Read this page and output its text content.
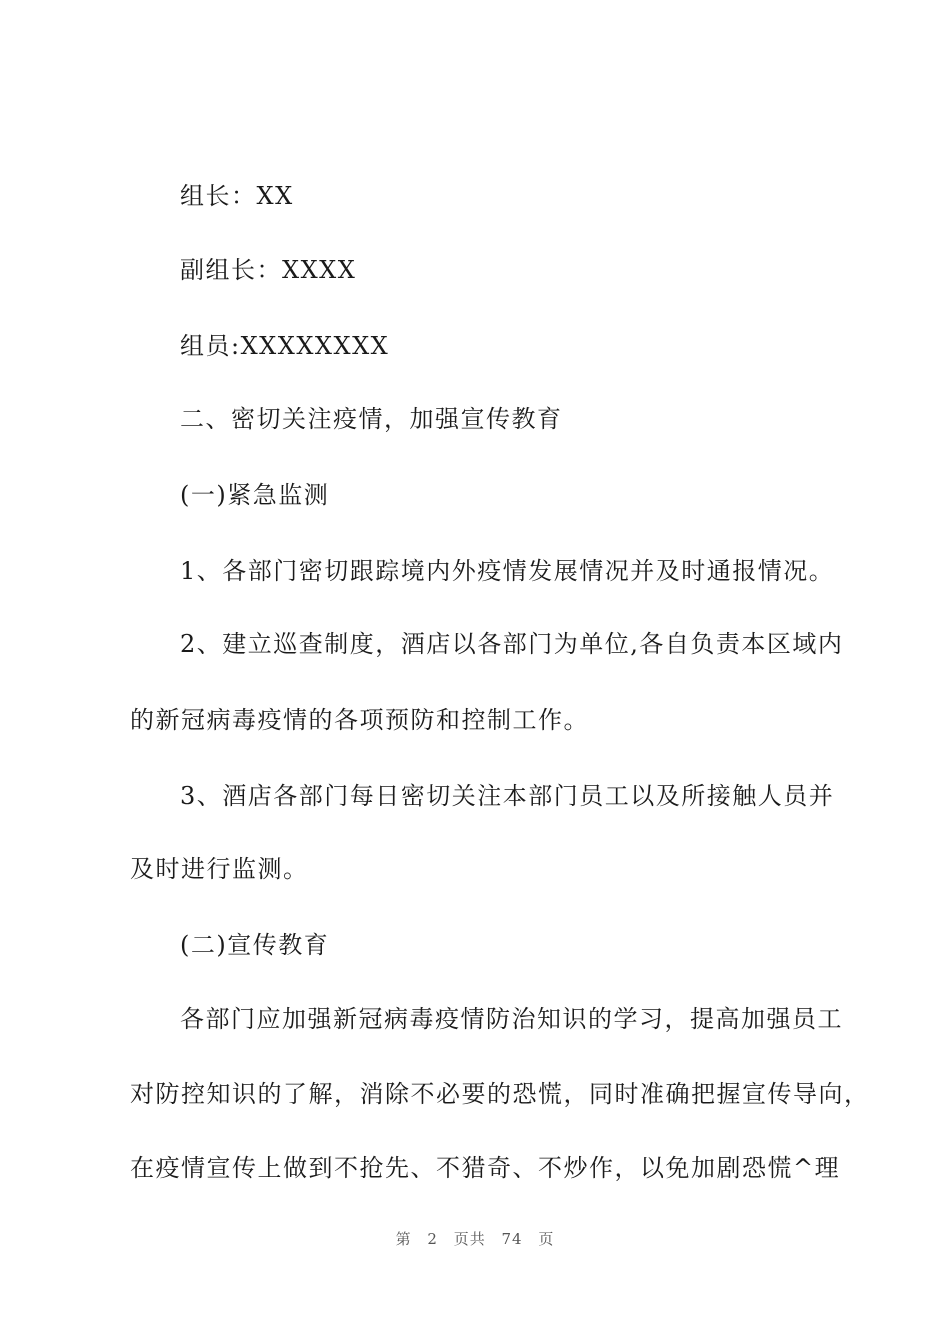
组长：XX
副组长：XXXX
组员:XXXXXXXX
二、密切关注疫情，加强宣传教育
(一)紧急监测
1、各部门密切跟踪境内外疫情发展情况并及时通报情况。
2、建立巡查制度，酒店以各部门为单位,各自负责本区域内
的新冠病毒疫情的各项预防和控制工作。
3、酒店各部门每日密切关注本部门员工以及所接触人员并
及时进行监测。
(二)宣传教育
各部门应加强新冠病毒疫情防治知识的学习，提高加强员工
对防控知识的了解，消除不必要的恐慌，同时准确把握宣传导向，
在疫情宣传上做到不抢先、不猎奇、不炒作，以免加剧恐慌^理
第 2 页共 74 页
